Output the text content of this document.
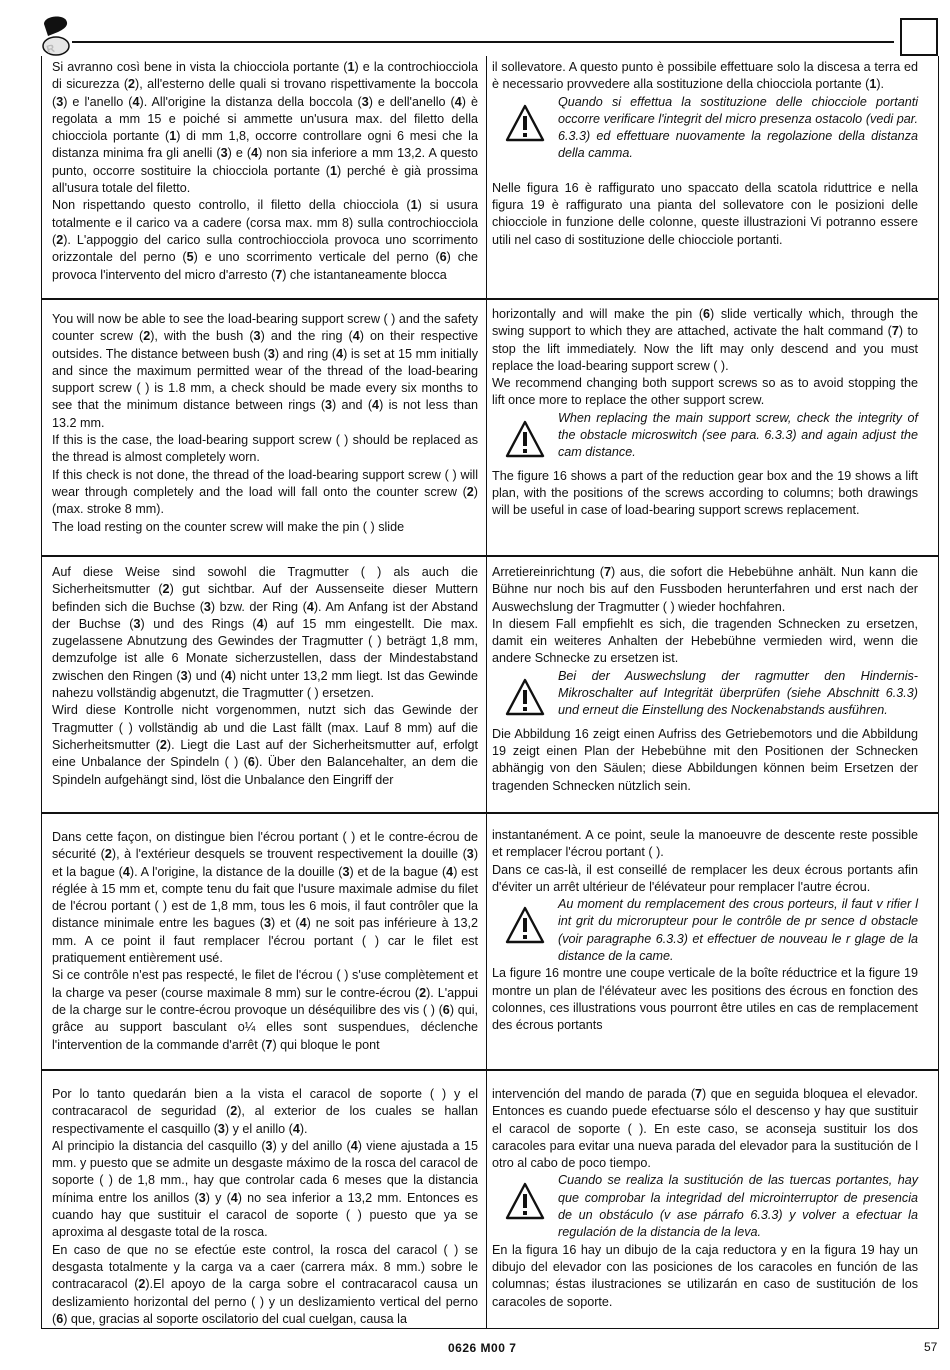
R

Si avranno così bene in vista la chiocciola portante (1) e la controchiocciola di sicurezza (2), all'esterno delle quali si trovano rispettivamente la boccola (3) e l'anello (4). All'origine la distanza della boccola (3) e dell'anello (4) è regolata a mm 15 e poiché si ammette un'usura max. del filetto della chiocciola portante (1) di mm 1,8, occorre controllare ogni 6 mesi che la distanza minima fra gli anelli (3) e (4) non sia inferiore a mm 13,2. A questo punto, occorre sostituire la chiocciola portante (1) perché è già prossima all'usura totale del filetto.

Non rispettando questo controllo, il filetto della chiocciola (1) si usura totalmente e il carico va a cadere (corsa max. mm 8) sulla controchiocciola (2). L'appoggio del carico sulla controchiocciola provoca uno scorrimento orizzontale del perno (5) e uno scorrimento verticale del perno (6) che provoca l'intervento del micro d'arresto (7) che istantaneamente blocca

il sollevatore. A questo punto è possibile effettuare solo la discesa a terra ed è necessario provvedere alla sostituzione della chiocciola portante (1).

Quando si effettua la sostituzione delle chiocciole portanti occorre verificare l'integrit del micro presenza ostacolo (vedi par. 6.3.3) ed effettuare nuovamente la regolazione della distanza della camma.

Nelle figura 16 è raffigurato uno spaccato della scatola riduttrice e nella figura 19 è raffigurato una pianta del sollevatore con le posizioni delle chiocciole in funzione delle colonne, queste illustrazioni Vi potranno essere utili nel caso di sostituzione delle chiocciole portanti.

You will now be able to see the load-bearing support screw ( ) and the safety counter screw (2), with the bush (3) and the ring (4) on their respective outsides. The distance between bush (3) and ring (4) is set at 15 mm initially and since the maximum permitted wear of the thread of the load-bearing support screw ( ) is 1.8 mm, a check should be made every six months to see that the minimum distance between rings (3) and (4) is not less than 13.2 mm.

If this is the case, the load-bearing support screw ( ) should be replaced as the thread is almost completely worn.

If this check is not done, the thread of the load-bearing support screw ( ) will wear through completely and the load will fall onto the counter screw (2) (max. stroke 8 mm).

The load resting on the counter screw will make the pin ( ) slide

horizontally and will make the pin (6) slide vertically which, through the swing support to which they are attached, activate the halt command (7) to stop the lift immediately. Now the lift may only descend and you must replace the load-bearing support screw ( ).

We recommend changing both support screws so as to avoid stopping the lift once more to replace the other support screw.

When replacing the main support screw, check the integrity of the obstacle microswitch (see para. 6.3.3) and again adjust the cam distance.

The figure 16 shows a part of the reduction gear box and the 19 shows a lift plan, with the positions of the screws according to columns; both drawings will be useful in case of load-bearing support screws replacement.

Auf diese Weise sind sowohl die Tragmutter ( ) als auch die Sicherheitsmutter (2) gut sichtbar. Auf der Aussenseite dieser Muttern befinden sich die Buchse (3) bzw. der Ring (4). Am Anfang ist der Abstand der Buchse (3) und des Rings (4) auf 15 mm eingestellt. Die max. zugelassene Abnutzung des Gewindes der Tragmutter ( ) beträgt 1,8 mm, demzufolge ist alle 6 Monate sicherzustellen, dass der Mindestabstand zwischen den Ringen (3) und (4) nicht unter 13,2 mm liegt. Ist das Gewinde nahezu vollständig abgenutzt, die Tragmutter ( ) ersetzen.

Wird diese Kontrolle nicht vorgenommen, nutzt sich das Gewinde der Tragmutter ( ) vollständig ab und die Last fällt (max. Lauf 8 mm) auf die Sicherheitsmutter (2). Liegt die Last auf der Sicherheitsmutter auf, erfolgt eine Unbalance der Spindeln ( ) (6). Über den Balancehalter, an dem die Spindeln aufgehängt sind, löst die Unbalance den Eingriff der

Arretiereinrichtung (7) aus, die sofort die Hebebühne anhält. Nun kann die Bühne nur noch bis auf den Fussboden herunterfahren und erst nach der Auswechslung der Tragmutter ( ) wieder hochfahren.

In diesem Fall empfiehlt es sich, die tragenden Schnecken zu ersetzen, damit ein weiteres Anhalten der Hebebühne vermieden wird, wenn die andere Schnecke zu ersetzen ist.

Bei der Auswechslung der ragmutter den Hindernis-Mikroschalter auf Integrität überprüfen (siehe Abschnitt 6.3.3) und erneut die Einstellung des Nockenabstands ausführen.

Die Abbildung 16 zeigt einen Aufriss des Getriebemotors und die Abbildung 19 zeigt einen Plan der Hebebühne mit den Positionen der Schnecken abhängig von den Säulen; diese Abbildungen können beim Ersetzen der tragenden Schnecken nützlich sein.

Dans cette façon, on distingue bien l'écrou portant ( ) et le contre-écrou de sécurité (2), à l'extérieur desquels se trouvent respectivement la douille (3) et la bague (4). A l'origine, la distance de la douille (3) et de la bague (4) est réglée à 15 mm et, compte tenu du fait que l'usure maximale admise du filet de l'écrou portant ( ) est de 1,8 mm, tous les 6 mois, il faut contrôler que la distance minimale entre les bagues (3) et (4) ne soit pas inférieure à 13,2 mm. A ce point il faut remplacer l'écrou portant ( ) car le filet est pratiquement entièrement usé.

Si ce contrôle n'est pas respecté, le filet de l'écrou ( ) s'use complètement et la charge va peser (course maximale 8 mm) sur le contre-écrou (2). L'appui de la charge sur le contre-écrou provoque un déséquilibre des vis ( ) (6) qui, grâce au support basculant o¼ elles sont suspendues, déclenche l'intervention de la commande d'arrêt (7) qui bloque le pont

instantanément. A ce point, seule la manoeuvre de descente reste possible et remplacer l'écrou portant ( ).

Dans ce cas-là, il est conseillé de remplacer les deux écrous portants afin d'éviter un arrêt ultérieur de l'élévateur pour remplacer l'autre écrou.

Au moment du remplacement des crous porteurs, il faut v rifier l int grit du microrupteur pour le contrôle de pr sence d obstacle (voir paragraphe 6.3.3) et effectuer de nouveau le r glage de la distance de la came.

La figure 16 montre une coupe verticale de la boîte réductrice et la figure 19 montre un plan de l'élévateur avec les positions des écrous en fonction des colonnes, ces illustrations vous pourront être utiles en cas de remplacement des écrous portants

Por lo tanto quedarán bien a la vista el caracol de soporte ( ) y el contracaracol de seguridad (2), al exterior de los cuales se hallan respectivamente el casquillo (3) y el anillo (4).

Al principio la distancia del casquillo (3) y del anillo (4) viene ajustada a 15 mm. y puesto que se admite un desgaste máximo de la rosca del caracol de soporte ( ) de 1,8 mm., hay que controlar cada 6 meses que la distancia mínima entre los anillos (3) y (4) no sea inferior a 13,2 mm. Entonces es cuando hay que sustituir el caracol de soporte ( ) puesto que ya se aproxima al desgaste total de la rosca.

En caso de que no se efectúe este control, la rosca del caracol ( ) se desgasta totalmente y la carga va a caer (carrera máx. 8 mm.) sobre le contracaracol (2).El apoyo de la carga sobre el contracaracol causa un deslizamiento horizontal del perno ( ) y un deslizamiento vertical del perno (6) que, gracias al soporte oscilatorio del cual cuelgan, causa la

intervención del mando de parada (7) que en seguida bloquea el elevador. Entonces es cuando puede efectuarse sólo el descenso y hay que sustituir el caracol de soporte ( ). En este caso, se aconseja sustituir los dos caracoles para evitar una nueva parada del elevador para la sustitución de l otro al cabo de poco tiempo.

Cuando se realiza la sustitución de las tuercas portantes, hay que comprobar la integridad del microinterruptor de presencia de un obstáculo (v ase párrafo 6.3.3) y volver a efectuar la regulación de la distancia de la leva.

En la figura 16 hay un dibujo de la caja reductora y en la figura 19 hay un dibujo del elevador con las posiciones de los caracoles en función de las columnas; éstas ilustraciones se utilizarán en caso de sustitución de los caracoles de soporte.

0626 M00 7	57
